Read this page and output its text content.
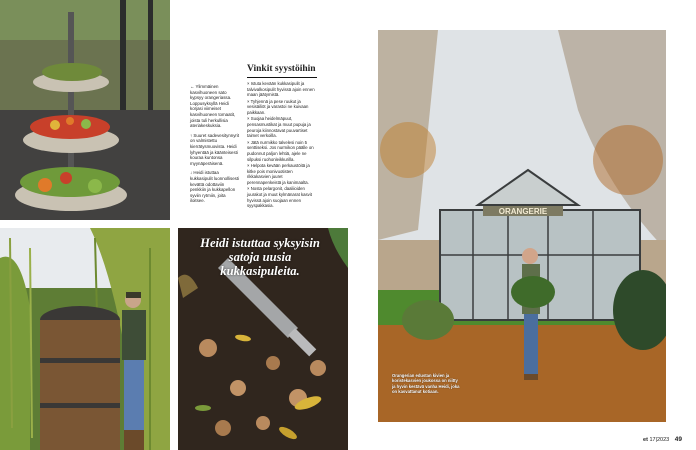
← Ylimmäinen kasvihuoneen sato kypsyy orangeriassa. Loppusyksyllä Heidi korjasi viimeiset kasvihuoneen tomaatit, joista tuli herkullisia ateriakeskuksia.

↑ Suuret sadevesitynnyrit on valmistettu kierrätysmuovista. Heidi lyhyentää ja käänteisesti kouraa kuntonsa myynäperäisenä.

↓ Heidi istuttaa kukkasipulit luonnollisesti kevättä odottaviin penkkiin ja kukkapellon syviin rytmiin, joita iloitsee.

Vinkit syystöihin
× Istuta kevään kukkasipulit ja talvivalkosipulit hyvissä ajoin ennen maan jäätymistä.
× Tyhjennä ja pese ruukut ja vesisäiliöt ja varastoi ne kuivaan paikkaan.
× Suojaa heidelmäpuut, pensasmustikat ja muut pupuja ja peuroja kiinnostavat puuvartiset taimet verkoilla.
× Jätä nurmikko talvelesi noin 5 senttiseksi. Jos nurmikon päälle on pudonnut paljon lehtiä, ajele ne silpuksi ruohonleikkurilla.
× Helpota kevään perkaustöitä ja kitke pois monivuotisten rikkakasvien juuret perennapenkeistä ja kanimaalta.
× Nosta pelargonit, daaliioiden juurakot ja muut kylmänarat kasvit hyvissä ajoin suojaan ennen syyspakkasia.
Heidi istuttaa syksyisin satoja uusia kukkasipuleita.
ORANGERIE
Orangerian edustan kivien ja koristekasvien joukossa on niitty ja hyvin kestävä vanha Heidi, joka on kasvattanut kotiaan.
et 17|2023 49
